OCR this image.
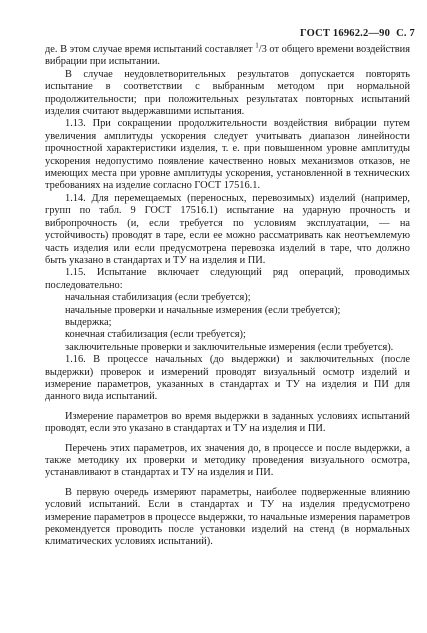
ГОСТ 16962.2—90 С. 7

де. В этом случае время испытаний составляет $^1$/3 от общего времени воздействия вибрации при испытании.

В случае неудовлетворительных результатов допускается повторять испытание в соответствии с выбранным методом при нормальной продолжительности; при положительных результатах повторных испытаний изделия считают выдержавшими испытания.

1.13. При сокращении продолжительности воздействия вибрации путем увеличения амплитуды ускорения следует учитывать диапазон линейности прочностной характеристики изделия, т. е. при повышенном уровне амплитуды ускорения недопустимо появление качественно новых механизмов отказов, не имеющих места при уровне амплитуды ускорения, установленной в технических требованиях на изделие согласно ГОСТ 17516.1.

1.14. Для перемещаемых (переносных, перевозимых) изделий (например, групп по табл. 9 ГОСТ 17516.1) испытание на ударную прочность и вибропрочность (и, если требуется по условиям эксплуатации, — на устойчивость) проводят в таре, если ее можно рассматривать как неотъемлемую часть изделия или если предусмотрена перевозка изделий в таре, что должно быть указано в стандартах и ТУ на изделия и ПИ.

1.15. Испытание включает следующий ряд операций, проводимых последовательно:

начальная стабилизация (если требуется);

начальные проверки и начальные измерения (если требуется);

выдержка;

конечная стабилизация (если требуется);

заключительные проверки и заключительные измерения (если требуется).

1.16. В процессе начальных (до выдержки) и заключительных (после выдержки) проверок и измерений проводят визуальный осмотр изделий и измерение параметров, указанных в стандартах и ТУ на изделия и ПИ для данного вида испытаний.

Измерение параметров во время выдержки в заданных условиях испытаний проводят, если это указано в стандартах и ТУ на изделия и ПИ.

Перечень этих параметров, их значения до, в процессе и после выдержки, а также методику их проверки и методику проведения визуального осмотра, устанавливают в стандартах и ТУ на изделия и ПИ.

В первую очередь измеряют параметры, наиболее подверженные влиянию условий испытаний. Если в стандартах и ТУ на изделия предусмотрено измерение параметров в процессе выдержки, то начальные измерения параметров рекомендуется проводить после установки изделий на стенд (в нормальных климатических условиях испытаний).
